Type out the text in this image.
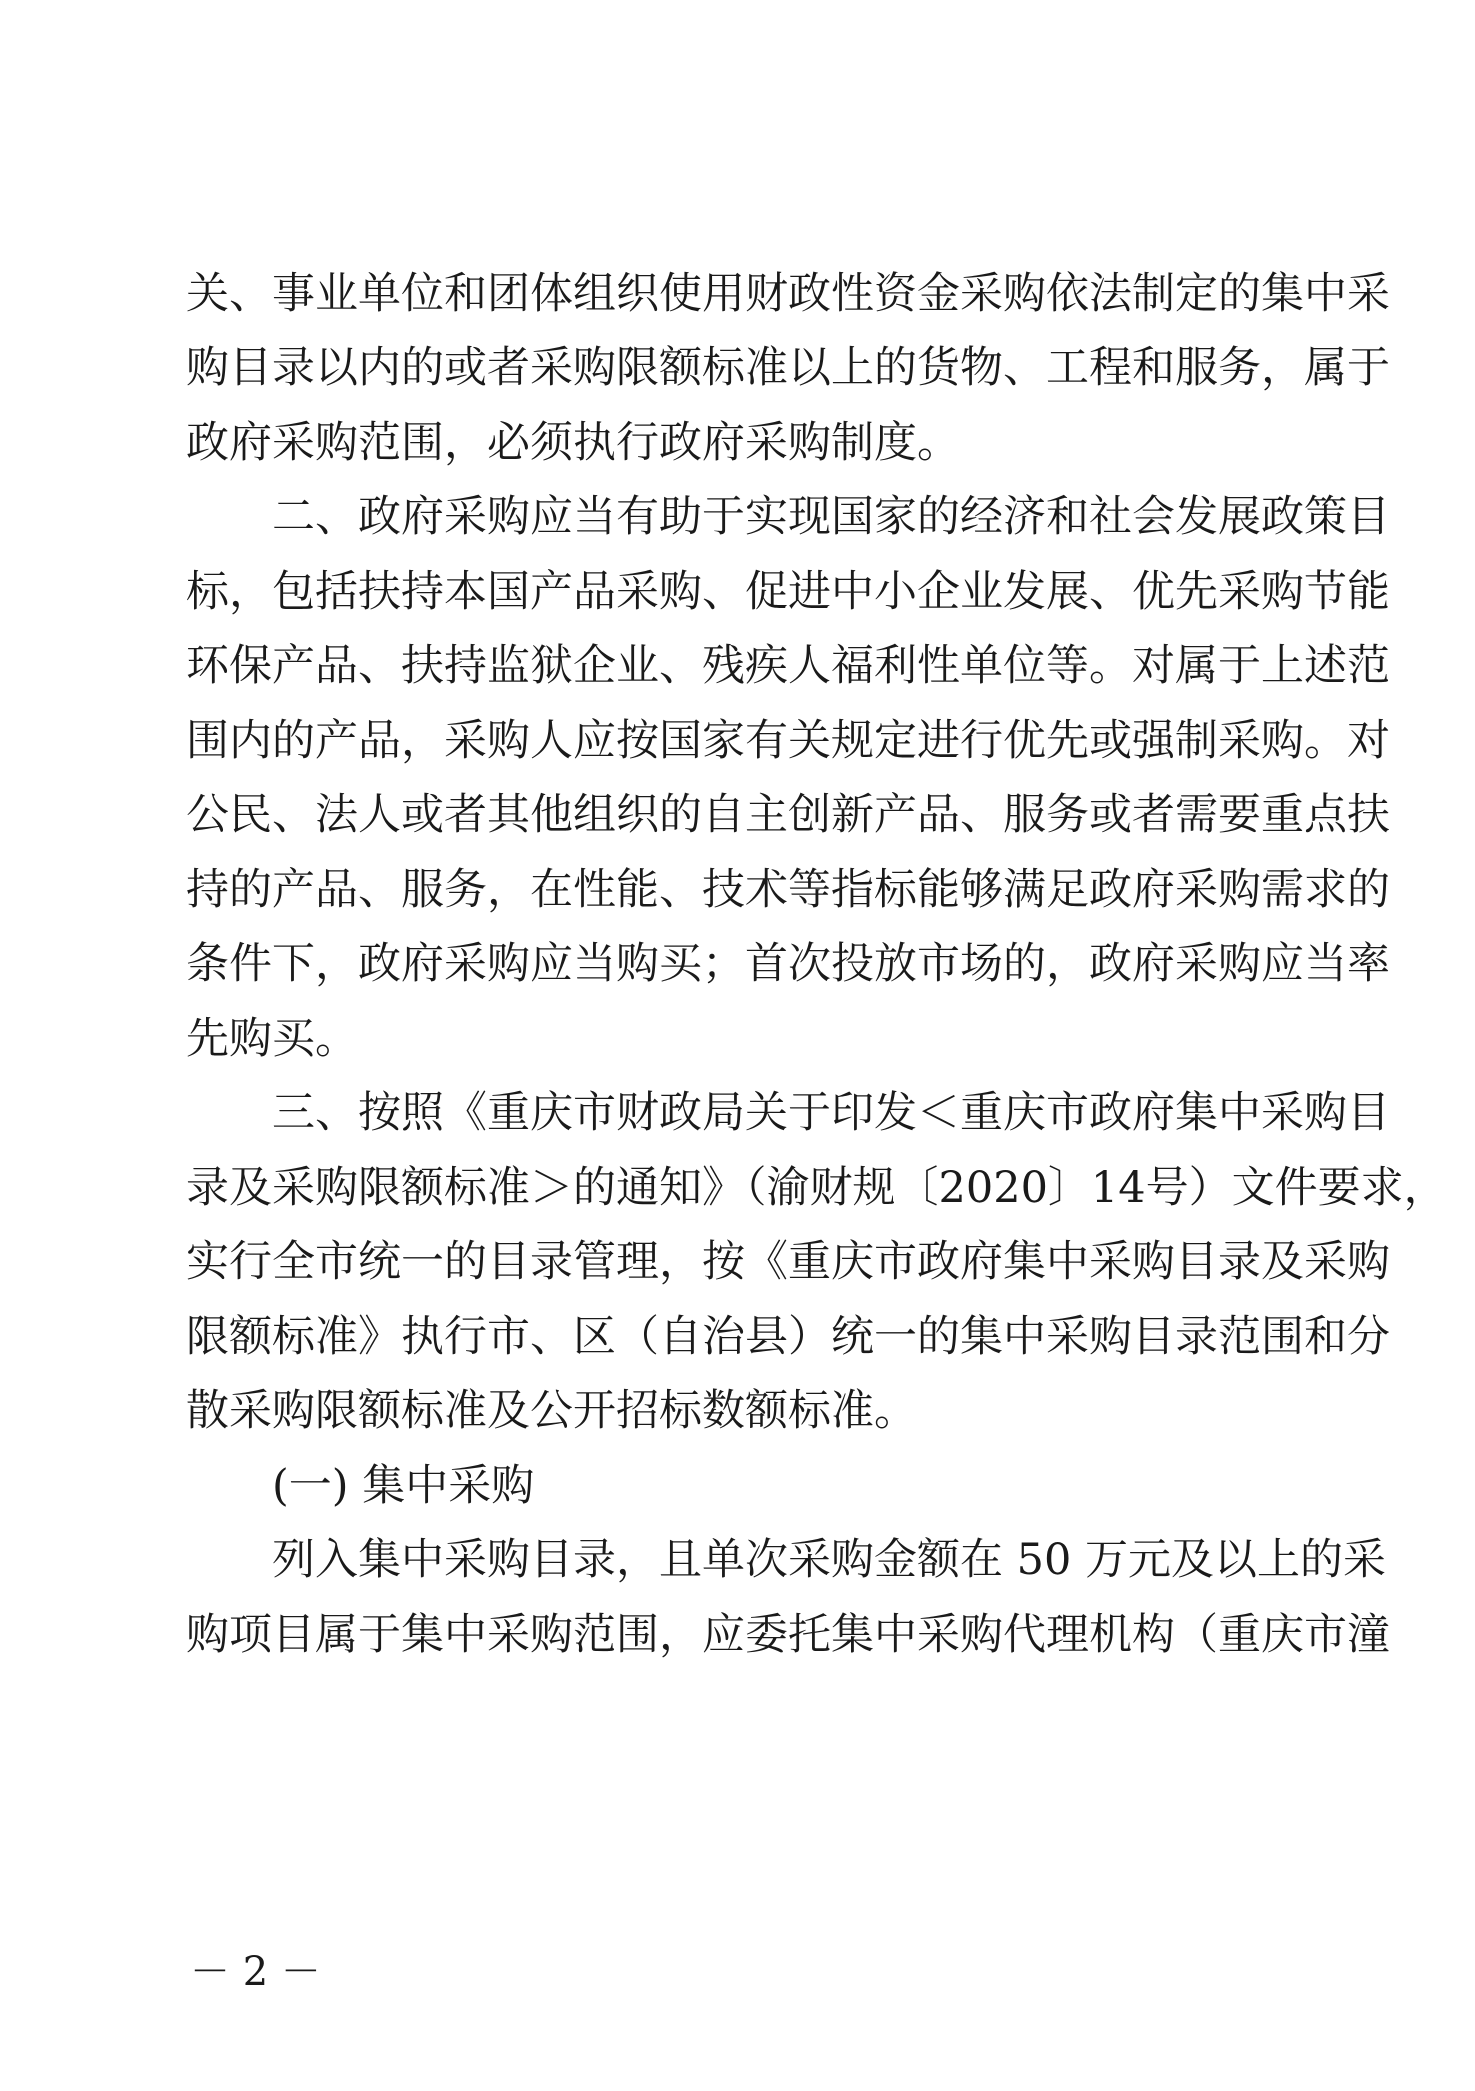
关、事业单位和团体组织使用财政性资金采购依法制定的集中采
购目录以内的或者采购限额标准以上的货物、工程和服务，属于
政府采购范围，必须执行政府采购制度。
二、政府采购应当有助于实现国家的经济和社会发展政策目
标，包括扶持本国产品采购、促进中小企业发展、优先采购节能
环保产品、扶持监狱企业、残疾人福利性单位等。对属于上述范
围内的产品，采购人应按国家有关规定进行优先或强制采购。对
公民、法人或者其他组织的自主创新产品、服务或者需要重点扶
持的产品、服务，在性能、技术等指标能够满足政府采购需求的
条件下，政府采购应当购买；首次投放市场的，政府采购应当率
先购买。
三、按照《重庆市财政局关于印发＜重庆市政府集中采购目
录及采购限额标准＞的通知》（渝财规〔2020〕14号）文件要求，
实行全市统一的目录管理，按《重庆市政府集中采购目录及采购
限额标准》执行市、区（自治县）统一的集中采购目录范围和分
散采购限额标准及公开招标数额标准。
(一) 集中采购
列入集中采购目录，且单次采购金额在 50 万元及以上的采
购项目属于集中采购范围，应委托集中采购代理机构（重庆市潼
－ 2 －
